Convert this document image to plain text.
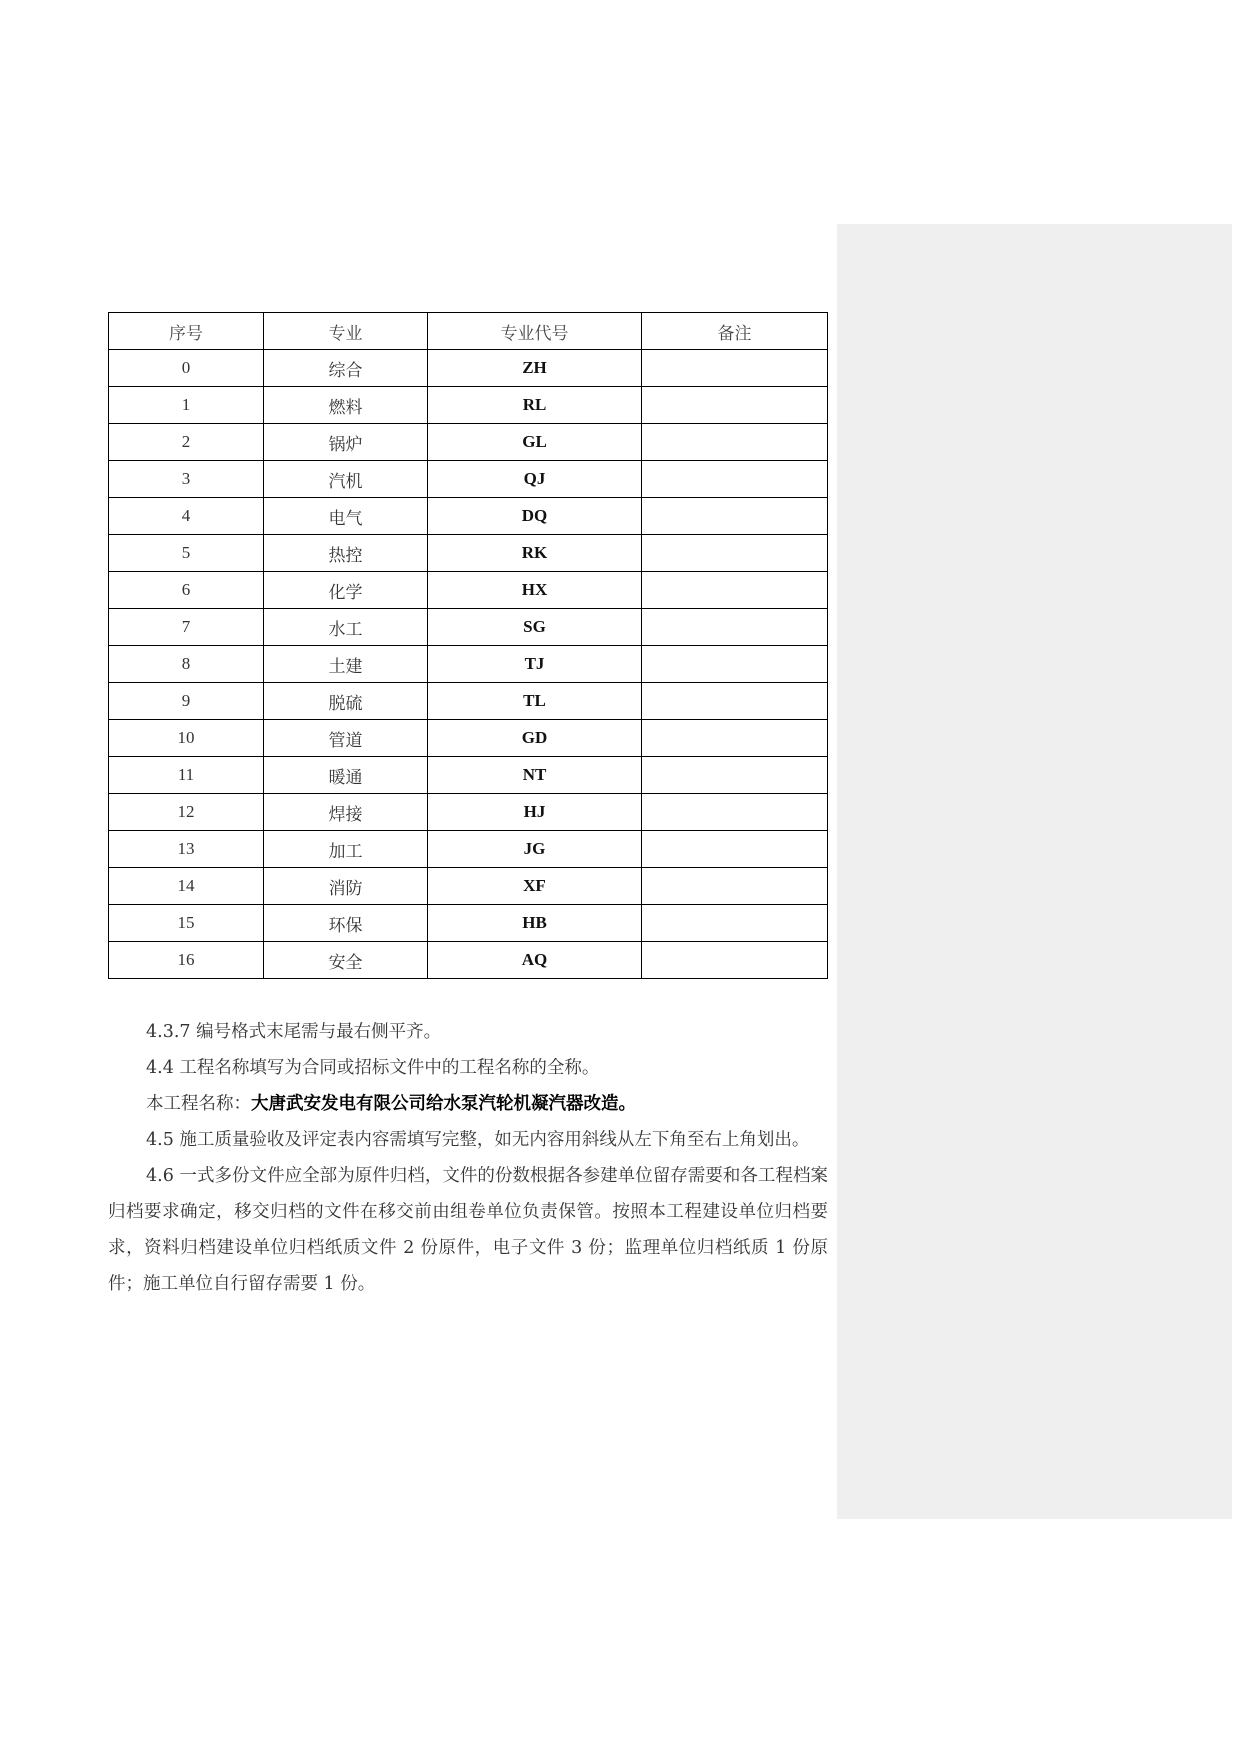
序号	专业	专业代号	备注
0	综合	ZH	
1	燃料	RL	
2	锅炉	GL	
3	汽机	QJ	
4	电气	DQ	
5	热控	RK	
6	化学	HX	
7	水工	SG	
8	土建	TJ	
9	脱硫	TL	
10	管道	GD	
11	暖通	NT	
12	焊接	HJ	
13	加工	JG	
14	消防	XF	
15	环保	HB	
16	安全	AQ	

4.3.7 编号格式末尾需与最右侧平齐。

4.4 工程名称填写为合同或招标文件中的工程名称的全称。

本工程名称：大唐武安发电有限公司给水泵汽轮机凝汽器改造。

4.5 施工质量验收及评定表内容需填写完整，如无内容用斜线从左下角至右上角划出。

4.6 一式多份文件应全部为原件归档，文件的份数根据各参建单位留存需要和各工程档案归档要求确定，移交归档的文件在移交前由组卷单位负责保管。按照本工程建设单位归档要求，资料归档建设单位归档纸质文件 2 份原件，电子文件 3 份；监理单位归档纸质 1 份原件；施工单位自行留存需要 1 份。
